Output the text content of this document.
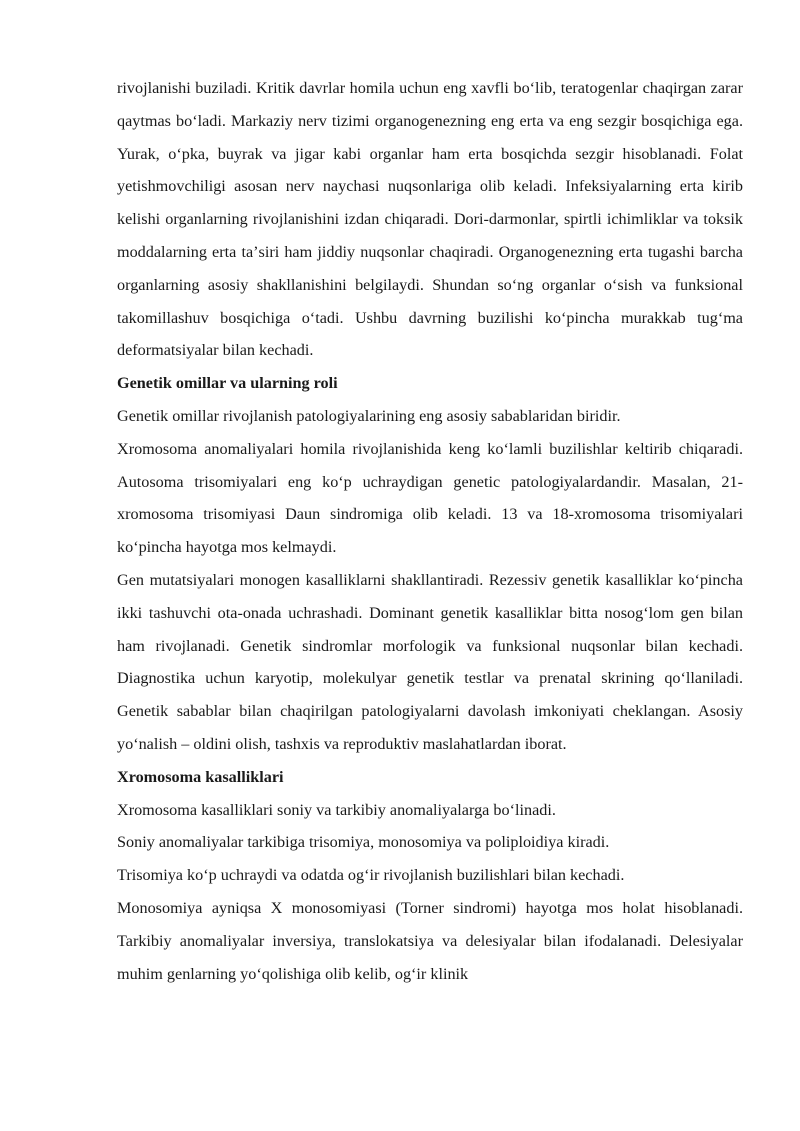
rivojlanishi buziladi. Kritik davrlar homila uchun eng xavfli boʻlib, teratogenlar chaqirgan zarar qaytmas boʻladi. Markaziy nerv tizimi organogenezning eng erta va eng sezgir bosqichiga ega. Yurak, oʻpka, buyrak va jigar kabi organlar ham erta bosqichda sezgir hisoblanadi. Folat yetishmovchiligi asosan nerv naychasi nuqsonlariga olib keladi. Infeksiyalarning erta kirib kelishi organlarning rivojlanishini izdan chiqaradi. Dori-darmonlar, spirtli ichimliklar va toksik moddalarning erta taʼsiri ham jiddiy nuqsonlar chaqiradi. Organogenezning erta tugashi barcha organlarning asosiy shakllanishini belgilaydi. Shundan soʻng organlar oʻsish va funksional takomillashuv bosqichiga oʻtadi. Ushbu davrning buzilishi koʻpincha murakkab tugʻma deformatsiyalar bilan kechadi.

Genetik omillar va ularning roli

Genetik omillar rivojlanish patologiyalarining eng asosiy sabablaridan biridir.

Xromosoma anomaliyalari homila rivojlanishida keng koʻlamli buzilishlar keltirib chiqaradi. Autosoma trisomiyalari eng koʻp uchraydigan genetic patologiyalardandir. Masalan, 21-xromosoma trisomiyasi Daun sindromiga olib keladi. 13 va 18-xromosoma trisomiyalari koʻpincha hayotga mos kelmaydi.

Gen mutatsiyalari monogen kasalliklarni shakllantiradi. Rezessiv genetik kasalliklar koʻpincha ikki tashuvchi ota-onada uchrashadi. Dominant genetik kasalliklar bitta nosogʻlom gen bilan ham rivojlanadi. Genetik sindromlar morfologik va funksional nuqsonlar bilan kechadi. Diagnostika uchun karyotip, molekulyar genetik testlar va prenatal skrining qoʻllaniladi. Genetik sabablar bilan chaqirilgan patologiyalarni davolash imkoniyati cheklangan. Asosiy yoʻnalish – oldini olish, tashxis va reproduktiv maslahatlardan iborat.

Xromosoma kasalliklari

Xromosoma kasalliklari soniy va tarkibiy anomaliyalarga boʻlinadi.

Soniy anomaliyalar tarkibiga trisomiya, monosomiya va poliploidiya kiradi.

Trisomiya koʻp uchraydi va odatda ogʻir rivojlanish buzilishlari bilan kechadi.

Monosomiya ayniqsa X monosomiyasi (Torner sindromi) hayotga mos holat hisoblanadi. Tarkibiy anomaliyalar inversiya, translokatsiya va delesiyalar bilan ifodalanadi. Delesiyalar muhim genlarning yoʻqolishiga olib kelib, ogʻir klinik
